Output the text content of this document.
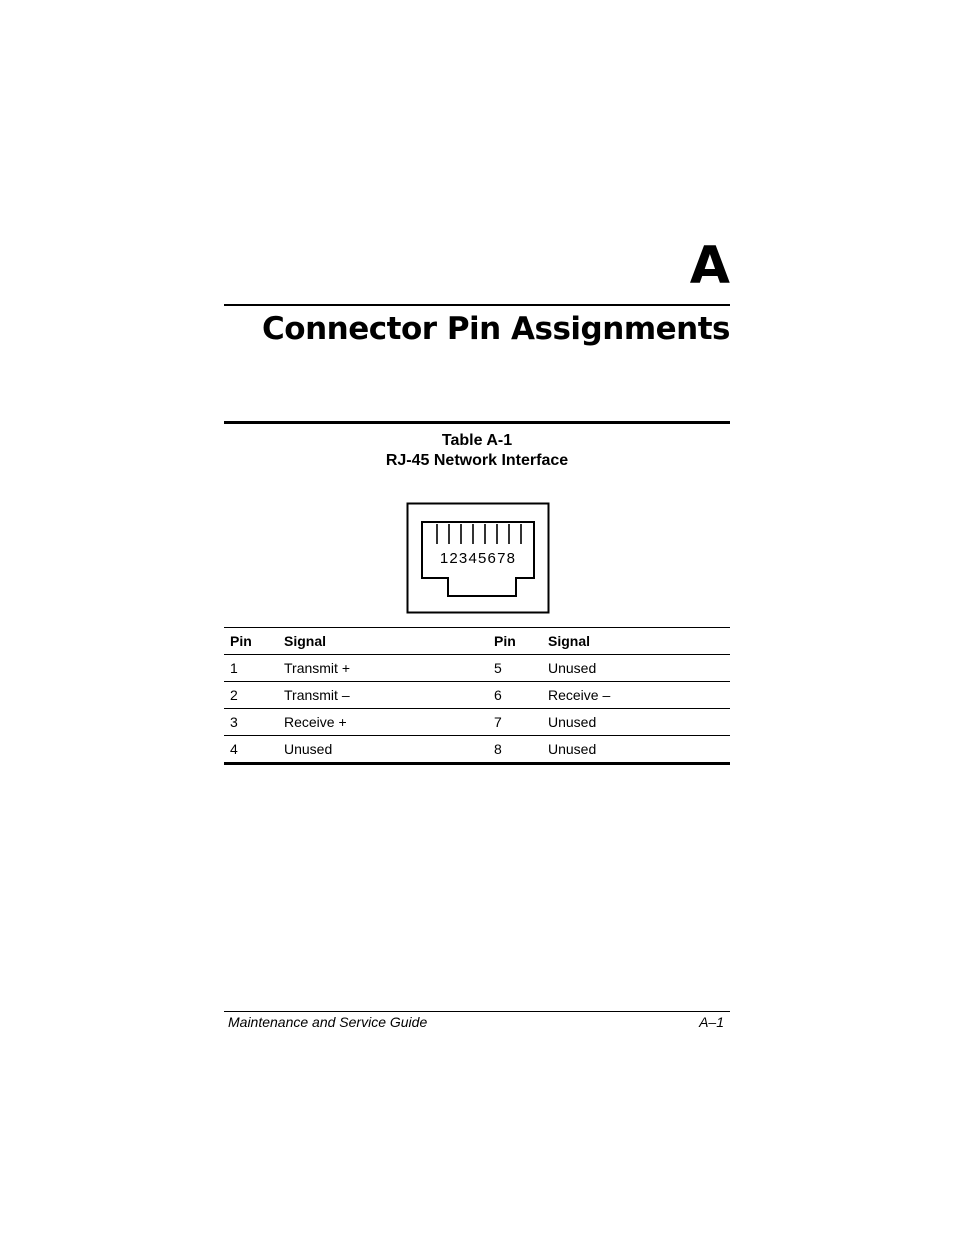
A
Connector Pin Assignments
Table A-1
RJ-45 Network Interface
12345678
Pin	Signal	Pin	Signal
1	Transmit +	5	Unused
2	Transmit –	6	Receive –
3	Receive +	7	Unused
4	Unused	8	Unused
Maintenance and Service Guide	A–1
